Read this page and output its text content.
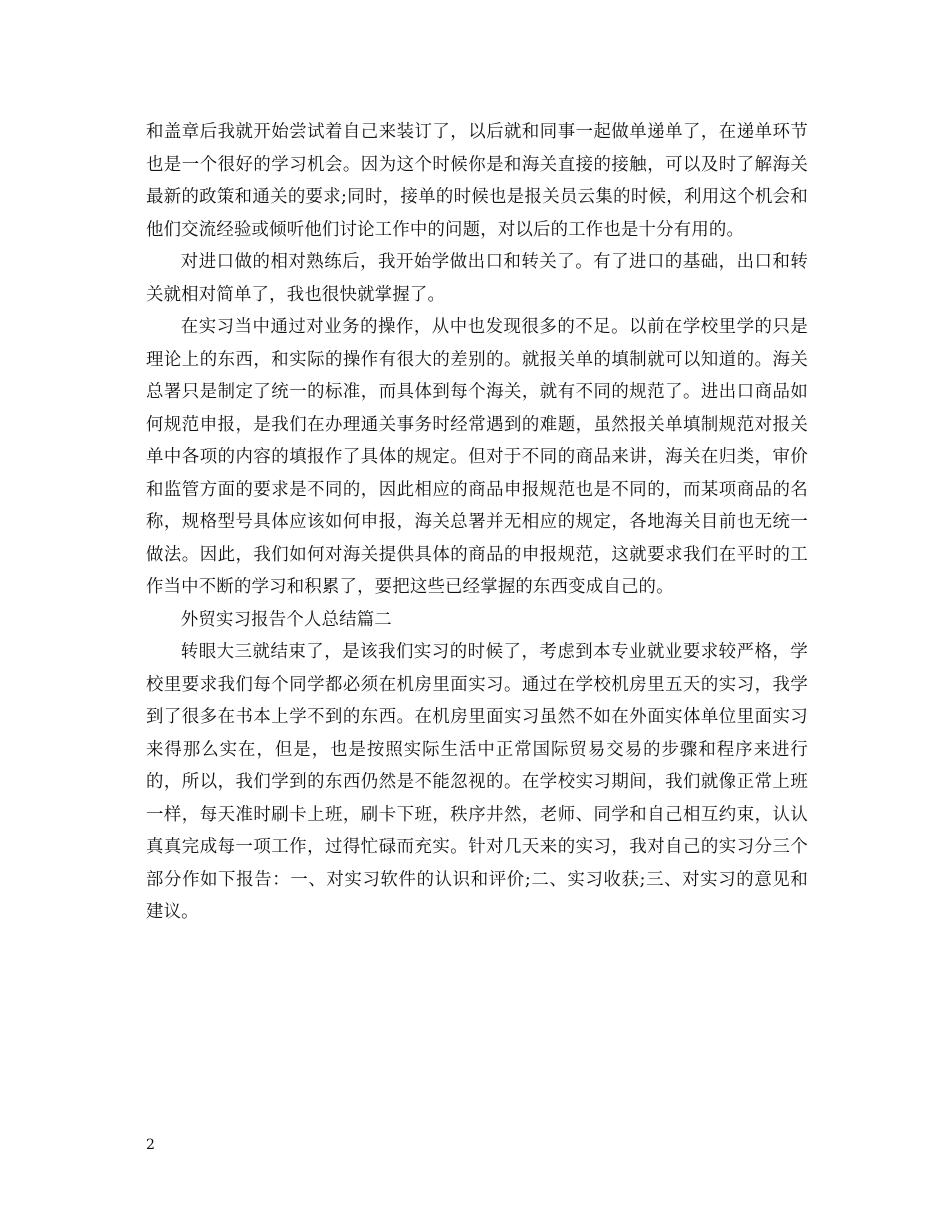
和盖章后我就开始尝试着自己来装订了，以后就和同事一起做单递单了，在递单环节也是一个很好的学习机会。因为这个时候你是和海关直接的接触，可以及时了解海关最新的政策和通关的要求;同时，接单的时候也是报关员云集的时候，利用这个机会和他们交流经验或倾听他们讨论工作中的问题，对以后的工作也是十分有用的。

对进口做的相对熟练后，我开始学做出口和转关了。有了进口的基础，出口和转关就相对简单了，我也很快就掌握了。

在实习当中通过对业务的操作，从中也发现很多的不足。以前在学校里学的只是理论上的东西，和实际的操作有很大的差别的。就报关单的填制就可以知道的。海关总署只是制定了统一的标准，而具体到每个海关，就有不同的规范了。进出口商品如何规范申报，是我们在办理通关事务时经常遇到的难题，虽然报关单填制规范对报关单中各项的内容的填报作了具体的规定。但对于不同的商品来讲，海关在归类，审价和监管方面的要求是不同的，因此相应的商品申报规范也是不同的，而某项商品的名称，规格型号具体应该如何申报，海关总署并无相应的规定，各地海关目前也无统一做法。因此，我们如何对海关提供具体的商品的申报规范，这就要求我们在平时的工作当中不断的学习和积累了，要把这些已经掌握的东西变成自己的。

外贸实习报告个人总结篇二

转眼大三就结束了，是该我们实习的时候了，考虑到本专业就业要求较严格，学校里要求我们每个同学都必须在机房里面实习。通过在学校机房里五天的实习，我学到了很多在书本上学不到的东西。在机房里面实习虽然不如在外面实体单位里面实习来得那么实在，但是，也是按照实际生活中正常国际贸易交易的步骤和程序来进行的，所以，我们学到的东西仍然是不能忽视的。在学校实习期间，我们就像正常上班一样，每天准时刷卡上班，刷卡下班，秩序井然，老师、同学和自己相互约束，认认真真完成每一项工作，过得忙碌而充实。针对几天来的实习，我对自己的实习分三个部分作如下报告：一、对实习软件的认识和评价;二、实习收获;三、对实习的意见和建议。

2
